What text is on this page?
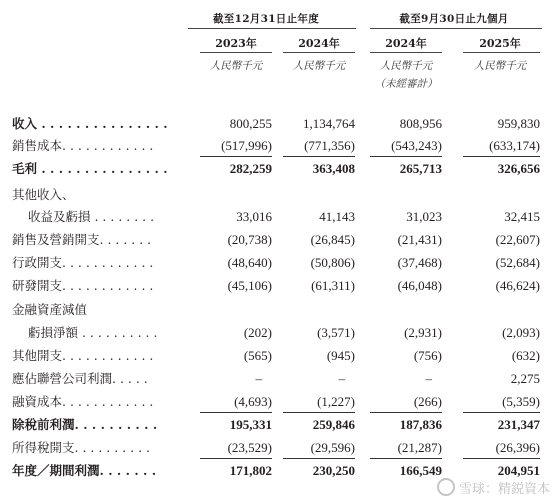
截至12月31日止年度	截至9月30日止九個月
2023年	2024年	2024年	2025年
人民幣千元	人民幣千元	人民幣千元	人民幣千元
（未經審計）
收入 . . . . . . . . . . . . . . .	800,255	1,134,764	808,956	959,830
銷售成本. . . . . . . . . . . .	(517,996)	(771,356)	(543,243)	(633,174)
毛利 . . . . . . . . . . . . . . .	282,259	363,408	265,713	326,656
其他收入、
收益及虧損 . . . . . . . .	33,016	41,143	31,023	32,415
銷售及營銷開支. . . . . . .	(20,738)	(26,845)	(21,431)	(22,607)
行政開支. . . . . . . . . . . .	(48,640)	(50,806)	(37,468)	(52,684)
研發開支. . . . . . . . . . . .	(45,106)	(61,311)	(46,048)	(46,624)
金融資產減值
虧損淨額 . . . . . . . . . .	(202)	(3,571)	(2,931)	(2,093)
其他開支. . . . . . . . . . . .	(565)	(945)	(756)	(632)
應佔聯營公司利潤. . . . .	–	–	–	2,275
融資成本. . . . . . . . . . . .	(4,693)	(1,227)	(266)	(5,359)
除稅前利潤. . . . . . . . . .	195,331	259,846	187,836	231,347
所得稅開支. . . . . . . . . .	(23,529)	(29,596)	(21,287)	(26,396)
年度／期間利潤. . . . . . .	171,802	230,250	166,549	204,951
雪球：精鋭資本
